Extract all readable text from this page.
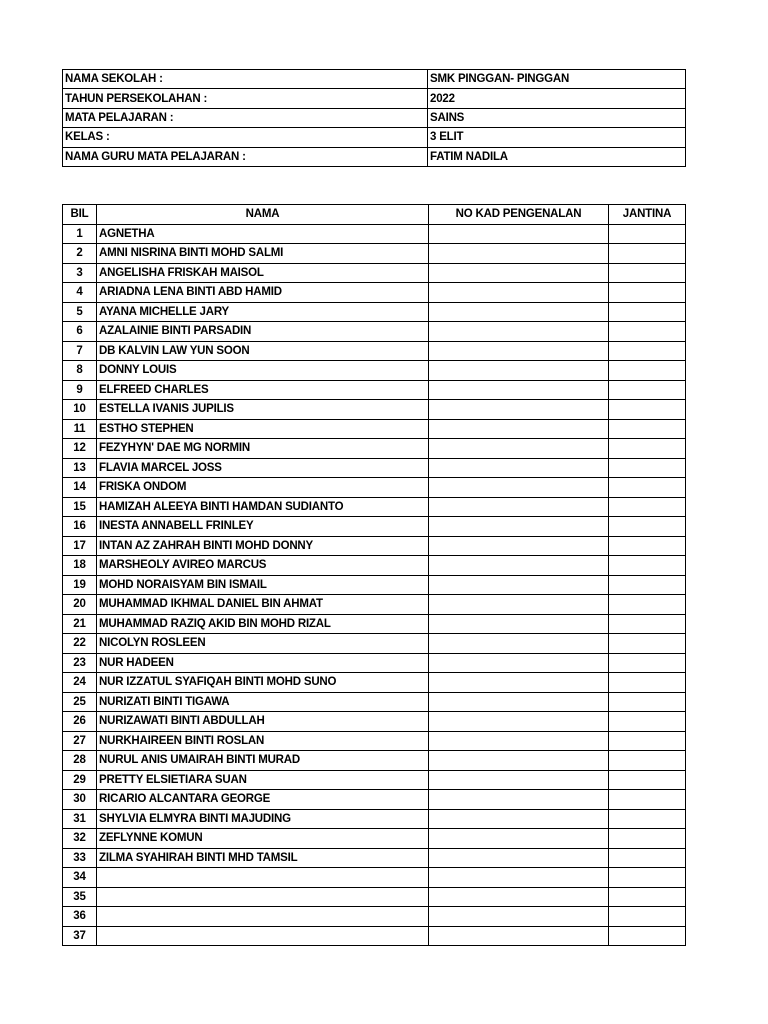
NAMA SEKOLAH :	SMK PINGGAN- PINGGAN
TAHUN PERSEKOLAHAN :	2022
MATA PELAJARAN :	SAINS
KELAS :	3 ELIT
NAMA GURU MATA PELAJARAN :	FATIM NADILA
BIL	NAMA	NO KAD PENGENALAN	JANTINA
1	AGNETHA		
2	AMNI NISRINA BINTI MOHD SALMI		
3	ANGELISHA FRISKAH MAISOL		
4	ARIADNA LENA BINTI ABD HAMID		
5	AYANA MICHELLE JARY		
6	AZALAINIE BINTI PARSADIN		
7	DB KALVIN LAW YUN SOON		
8	DONNY LOUIS		
9	ELFREED CHARLES		
10	ESTELLA IVANIS JUPILIS		
11	ESTHO STEPHEN		
12	FEZYHYN' DAE MG NORMIN		
13	FLAVIA MARCEL JOSS		
14	FRISKA ONDOM		
15	HAMIZAH ALEEYA BINTI HAMDAN SUDIANTO		
16	INESTA ANNABELL FRINLEY		
17	INTAN AZ ZAHRAH BINTI MOHD DONNY		
18	MARSHEOLY AVIREO MARCUS		
19	MOHD NORAISYAM BIN ISMAIL		
20	MUHAMMAD IKHMAL DANIEL BIN AHMAT		
21	MUHAMMAD RAZIQ AKID BIN MOHD RIZAL		
22	NICOLYN ROSLEEN		
23	NUR HADEEN		
24	NUR IZZATUL SYAFIQAH BINTI MOHD SUNO		
25	NURIZATI BINTI TIGAWA		
26	NURIZAWATI BINTI ABDULLAH		
27	NURKHAIREEN BINTI ROSLAN		
28	NURUL ANIS UMAIRAH BINTI MURAD		
29	PRETTY ELSIETIARA SUAN		
30	RICARIO ALCANTARA GEORGE		
31	SHYLVIA ELMYRA BINTI MAJUDING		
32	ZEFLYNNE KOMUN		
33	ZILMA SYAHIRAH BINTI MHD TAMSIL		
34			
35			
36			
37			
